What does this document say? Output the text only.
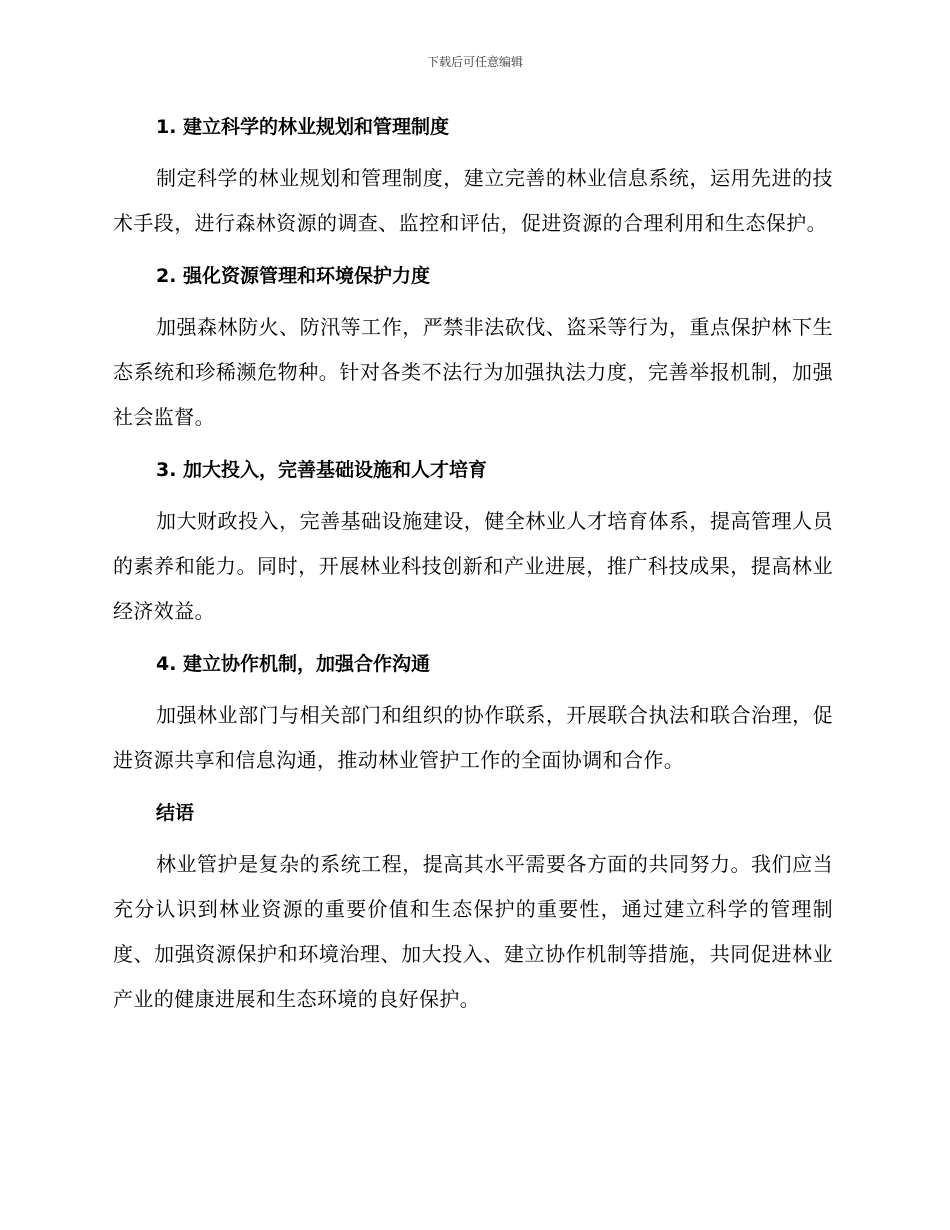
下载后可任意编辑
1. 建立科学的林业规划和管理制度

制定科学的林业规划和管理制度，建立完善的林业信息系统，运用先进的技术手段，进行森林资源的调查、监控和评估，促进资源的合理利用和生态保护。

2. 强化资源管理和环境保护力度

加强森林防火、防汛等工作，严禁非法砍伐、盗采等行为，重点保护林下生态系统和珍稀濒危物种。针对各类不法行为加强执法力度，完善举报机制，加强社会监督。

3. 加大投入，完善基础设施和人才培育

加大财政投入，完善基础设施建设，健全林业人才培育体系，提高管理人员的素养和能力。同时，开展林业科技创新和产业进展，推广科技成果，提高林业经济效益。

4. 建立协作机制，加强合作沟通

加强林业部门与相关部门和组织的协作联系，开展联合执法和联合治理，促进资源共享和信息沟通，推动林业管护工作的全面协调和合作。

结语

林业管护是复杂的系统工程，提高其水平需要各方面的共同努力。我们应当充分认识到林业资源的重要价值和生态保护的重要性，通过建立科学的管理制度、加强资源保护和环境治理、加大投入、建立协作机制等措施，共同促进林业产业的健康进展和生态环境的良好保护。
